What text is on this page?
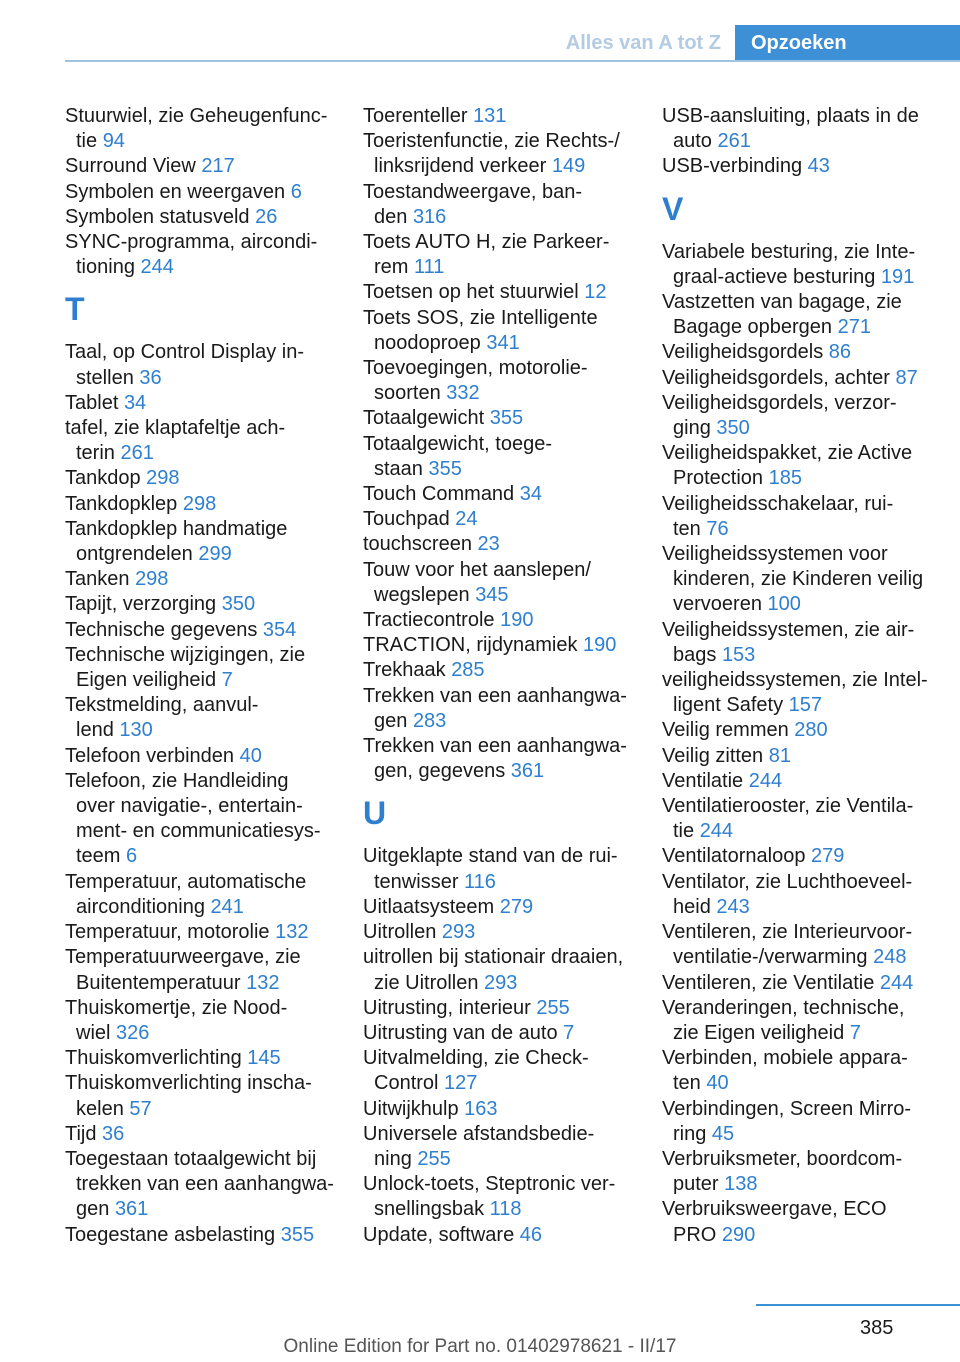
Alles van A tot Z	Opzoeken
Stuurwiel, zie Geheugenfunc-
tie 94
Surround View 217
Symbolen en weergaven 6
Symbolen statusveld 26
SYNC-programma, aircondi-
tioning 244
T
Taal, op Control Display in-
stellen 36
Tablet 34
tafel, zie klaptafeltje ach-
terin 261
Tankdop 298
Tankdopklep 298
Tankdopklep handmatige
ontgrendelen 299
Tanken 298
Tapijt, verzorging 350
Technische gegevens 354
Technische wijzigingen, zie
Eigen veiligheid 7
Tekstmelding, aanvul-
lend 130
Telefoon verbinden 40
Telefoon, zie Handleiding
over navigatie-, entertain-
ment- en communicatiesys-
teem 6
Temperatuur, automatische
airconditioning 241
Temperatuur, motorolie 132
Temperatuurweergave, zie
Buitentemperatuur 132
Thuiskomertje, zie Nood-
wiel 326
Thuiskomverlichting 145
Thuiskomverlichting inscha-
kelen 57
Tijd 36
Toegestaan totaalgewicht bij
trekken van een aanhangwa-
gen 361
Toegestane asbelasting 355
Toerenteller 131
Toeristenfunctie, zie Rechts-/
linksrijdend verkeer 149
Toestandweergave, ban-
den 316
Toets AUTO H, zie Parkeer-
rem 111
Toetsen op het stuurwiel 12
Toets SOS, zie Intelligente
noodoproep 341
Toevoegingen, motorolie-
soorten 332
Totaalgewicht 355
Totaalgewicht, toege-
staan 355
Touch Command 34
Touchpad 24
touchscreen 23
Touw voor het aanslepen/
wegslepen 345
Tractiecontrole 190
TRACTION, rijdynamiek 190
Trekhaak 285
Trekken van een aanhangwa-
gen 283
Trekken van een aanhangwa-
gen, gegevens 361
U
Uitgeklapte stand van de rui-
tenwisser 116
Uitlaatsysteem 279
Uitrollen 293
uitrollen bij stationair draaien,
zie Uitrollen 293
Uitrusting, interieur 255
Uitrusting van de auto 7
Uitvalmelding, zie Check-
Control 127
Uitwijkhulp 163
Universele afstandsbedie-
ning 255
Unlock-toets, Steptronic ver-
snellingsbak 118
Update, software 46
USB-aansluiting, plaats in de
auto 261
USB-verbinding 43
V
Variabele besturing, zie Inte-
graal-actieve besturing 191
Vastzetten van bagage, zie
Bagage opbergen 271
Veiligheidsgordels 86
Veiligheidsgordels, achter 87
Veiligheidsgordels, verzor-
ging 350
Veiligheidspakket, zie Active
Protection 185
Veiligheidsschakelaar, rui-
ten 76
Veiligheidssystemen voor
kinderen, zie Kinderen veilig
vervoeren 100
Veiligheidssystemen, zie air-
bags 153
veiligheidssystemen, zie Intel-
ligent Safety 157
Veilig remmen 280
Veilig zitten 81
Ventilatie 244
Ventilatierooster, zie Ventila-
tie 244
Ventilatornaloop 279
Ventilator, zie Luchthoeveel-
heid 243
Ventileren, zie Interieurvoor-
ventilatie-/verwarming 248
Ventileren, zie Ventilatie 244
Veranderingen, technische,
zie Eigen veiligheid 7
Verbinden, mobiele appara-
ten 40
Verbindingen, Screen Mirro-
ring 45
Verbruiksmeter, boordcom-
puter 138
Verbruiksweergave, ECO
PRO 290
385
Online Edition for Part no. 01402978621 - II/17
